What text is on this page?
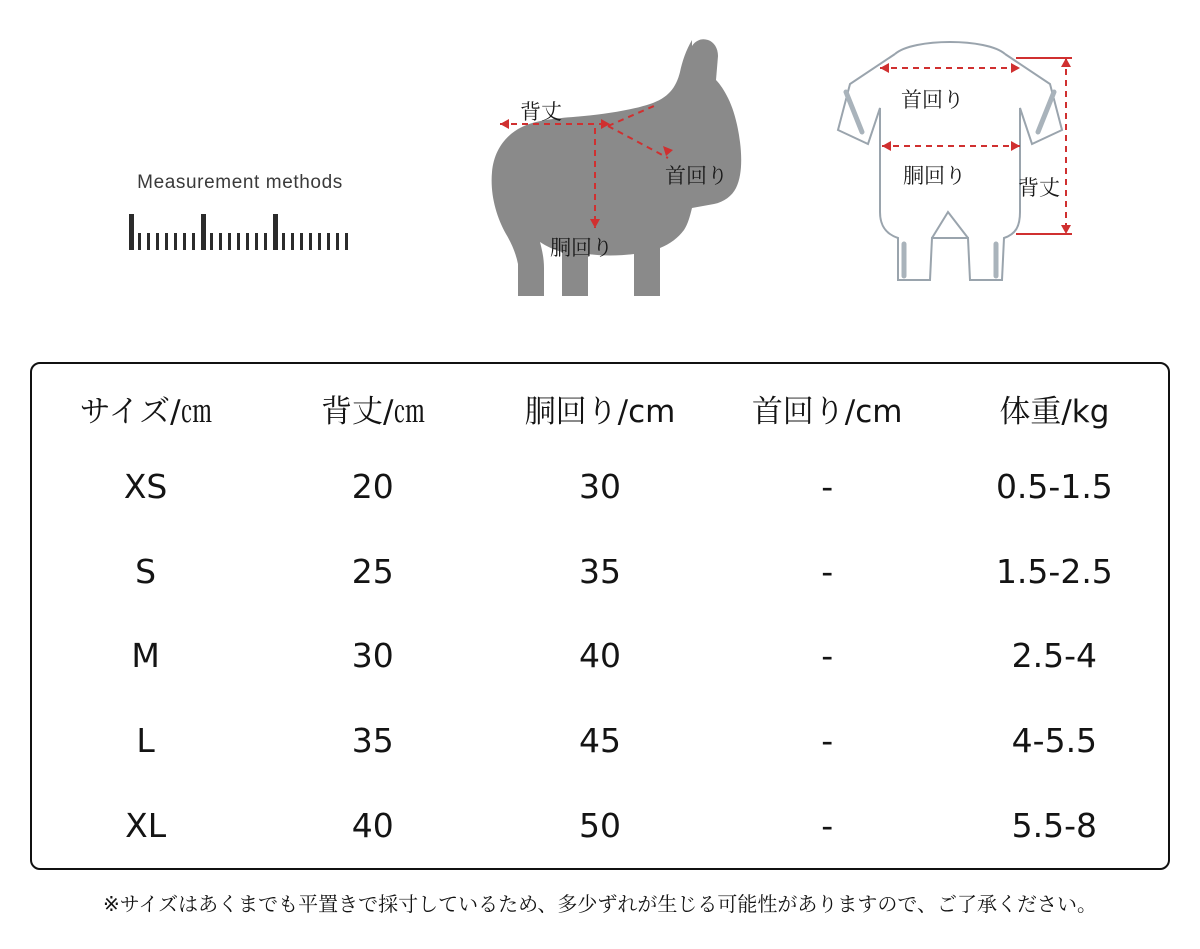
Measurement methods
背丈
首回り
胴回り
首回り
胴回り 背丈
サイズ/㎝	背丈/㎝	胴回り/cm	首回り/cm	体重/kg
XS	20	30	-	0.5-1.5
S	25	35	-	1.5-2.5
M	30	40	-	2.5-4
L	35	45	-	4-5.5
XL	40	50	-	5.5-8
※サイズはあくまでも平置きで採寸しているため、多少ずれが生じる可能性がありますので、ご了承ください。
